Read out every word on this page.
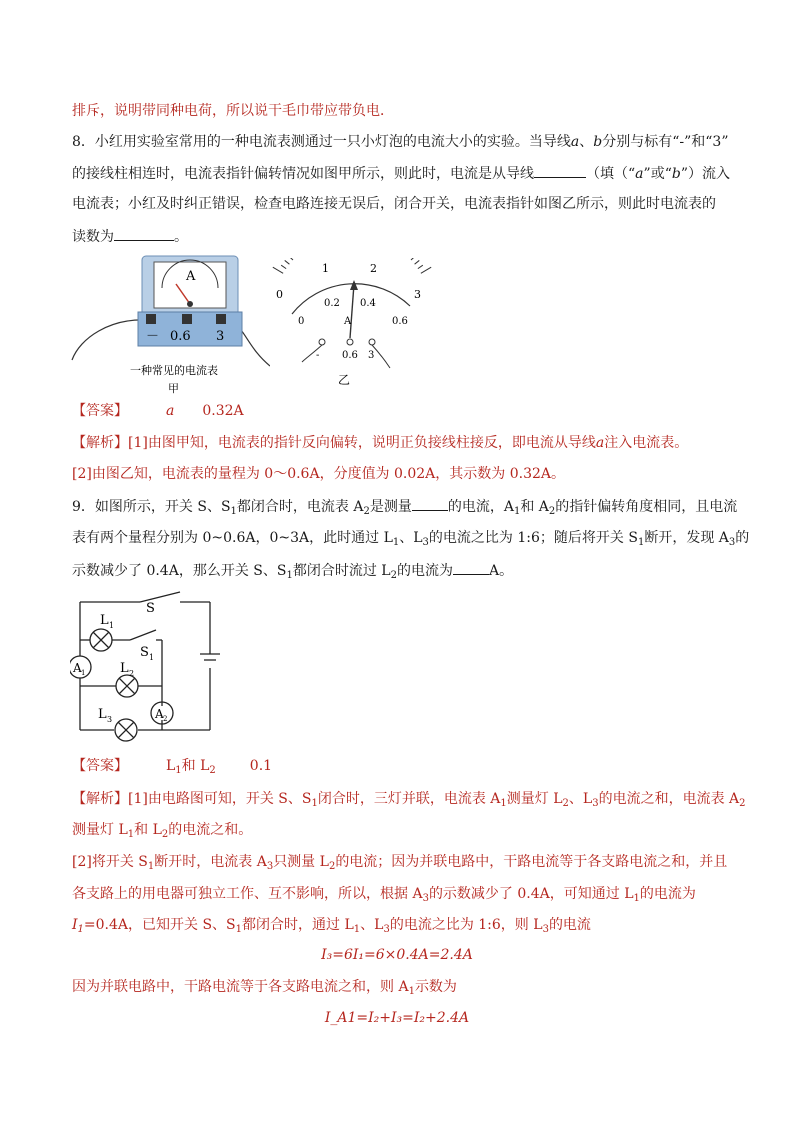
排斥，说明带同种电荷，所以说干毛巾带应带负电．
8．小红用实验室常用的一种电流表测通过一只小灯泡的电流大小的实验。当导线a、b分别与标有“-”和“3”
的接线柱相连时，电流表指针偏转情况如图甲所示，则此时，电流是从导线	（填（“a”或“b”）流入
电流表；小红及时纠正错误，检查电路连接无误后，闭合开关，电流表指针如图乙所示，则此时电流表的
读数为	。
A
－ 0.6 3
一种常见的电流表
甲
0
1	2
3
0
0.2 0.4
0.6
A
- 0.6 3
乙
【答案】	a 0.32A
【解析】[1]由图甲知，电流表的指针反向偏转，说明正负接线柱接反，即电流从导线a注入电流表。
[2]由图乙知，电流表的量程为 0～0.6A，分度值为 0.02A，其示数为 0.32A。
9．如图所示，开关 S、$S_1$都闭合时，电流表 $A_2$是测量	的电流，$A_1$和 $A_2$的指针偏转角度相同，且电流
表有两个量程分别为 0~0.6A，0~3A，此时通过 $L_1$、$L_3$的电流之比为 1:6；随后将开关 $S_1$断开，发现 $A_3$的
示数减少了 0.4A，那么开关 S、$S_1$都闭合时流过 $L_2$的电流为	A。
S
S 1
L 1
L 2
L 3
A 1
A 2
【答案】	$L_1$和 $L_2$ 0.1
【解析】[1]由电路图可知，开关 S、$S_1$闭合时，三灯并联，电流表 $A_1$测量灯 $L_2$、$L_3$的电流之和，电流表 $A_2$
测量灯 $L_1$和 $L_2$的电流之和。
[2]将开关 $S_1$断开时，电流表 $A_3$只测量 $L_2$的电流；因为并联电路中，干路电流等于各支路电流之和，并且
各支路上的用电器可独立工作、互不影响，所以，根据 $A_3$的示数减少了 0.4A，可知通过 $L_1$的电流为
$I_1=0.4A$，已知开关 S、$S_1$都闭合时，通过 $L_1$、$L_3$的电流之比为 1:6，则 $L_3$的电流
I₃=6I₁=6×0.4A=2.4A
因为并联电路中，干路电流等于各支路电流之和，则 $A_1$示数为
I_A1=I₂+I₃=I₂+2.4A
